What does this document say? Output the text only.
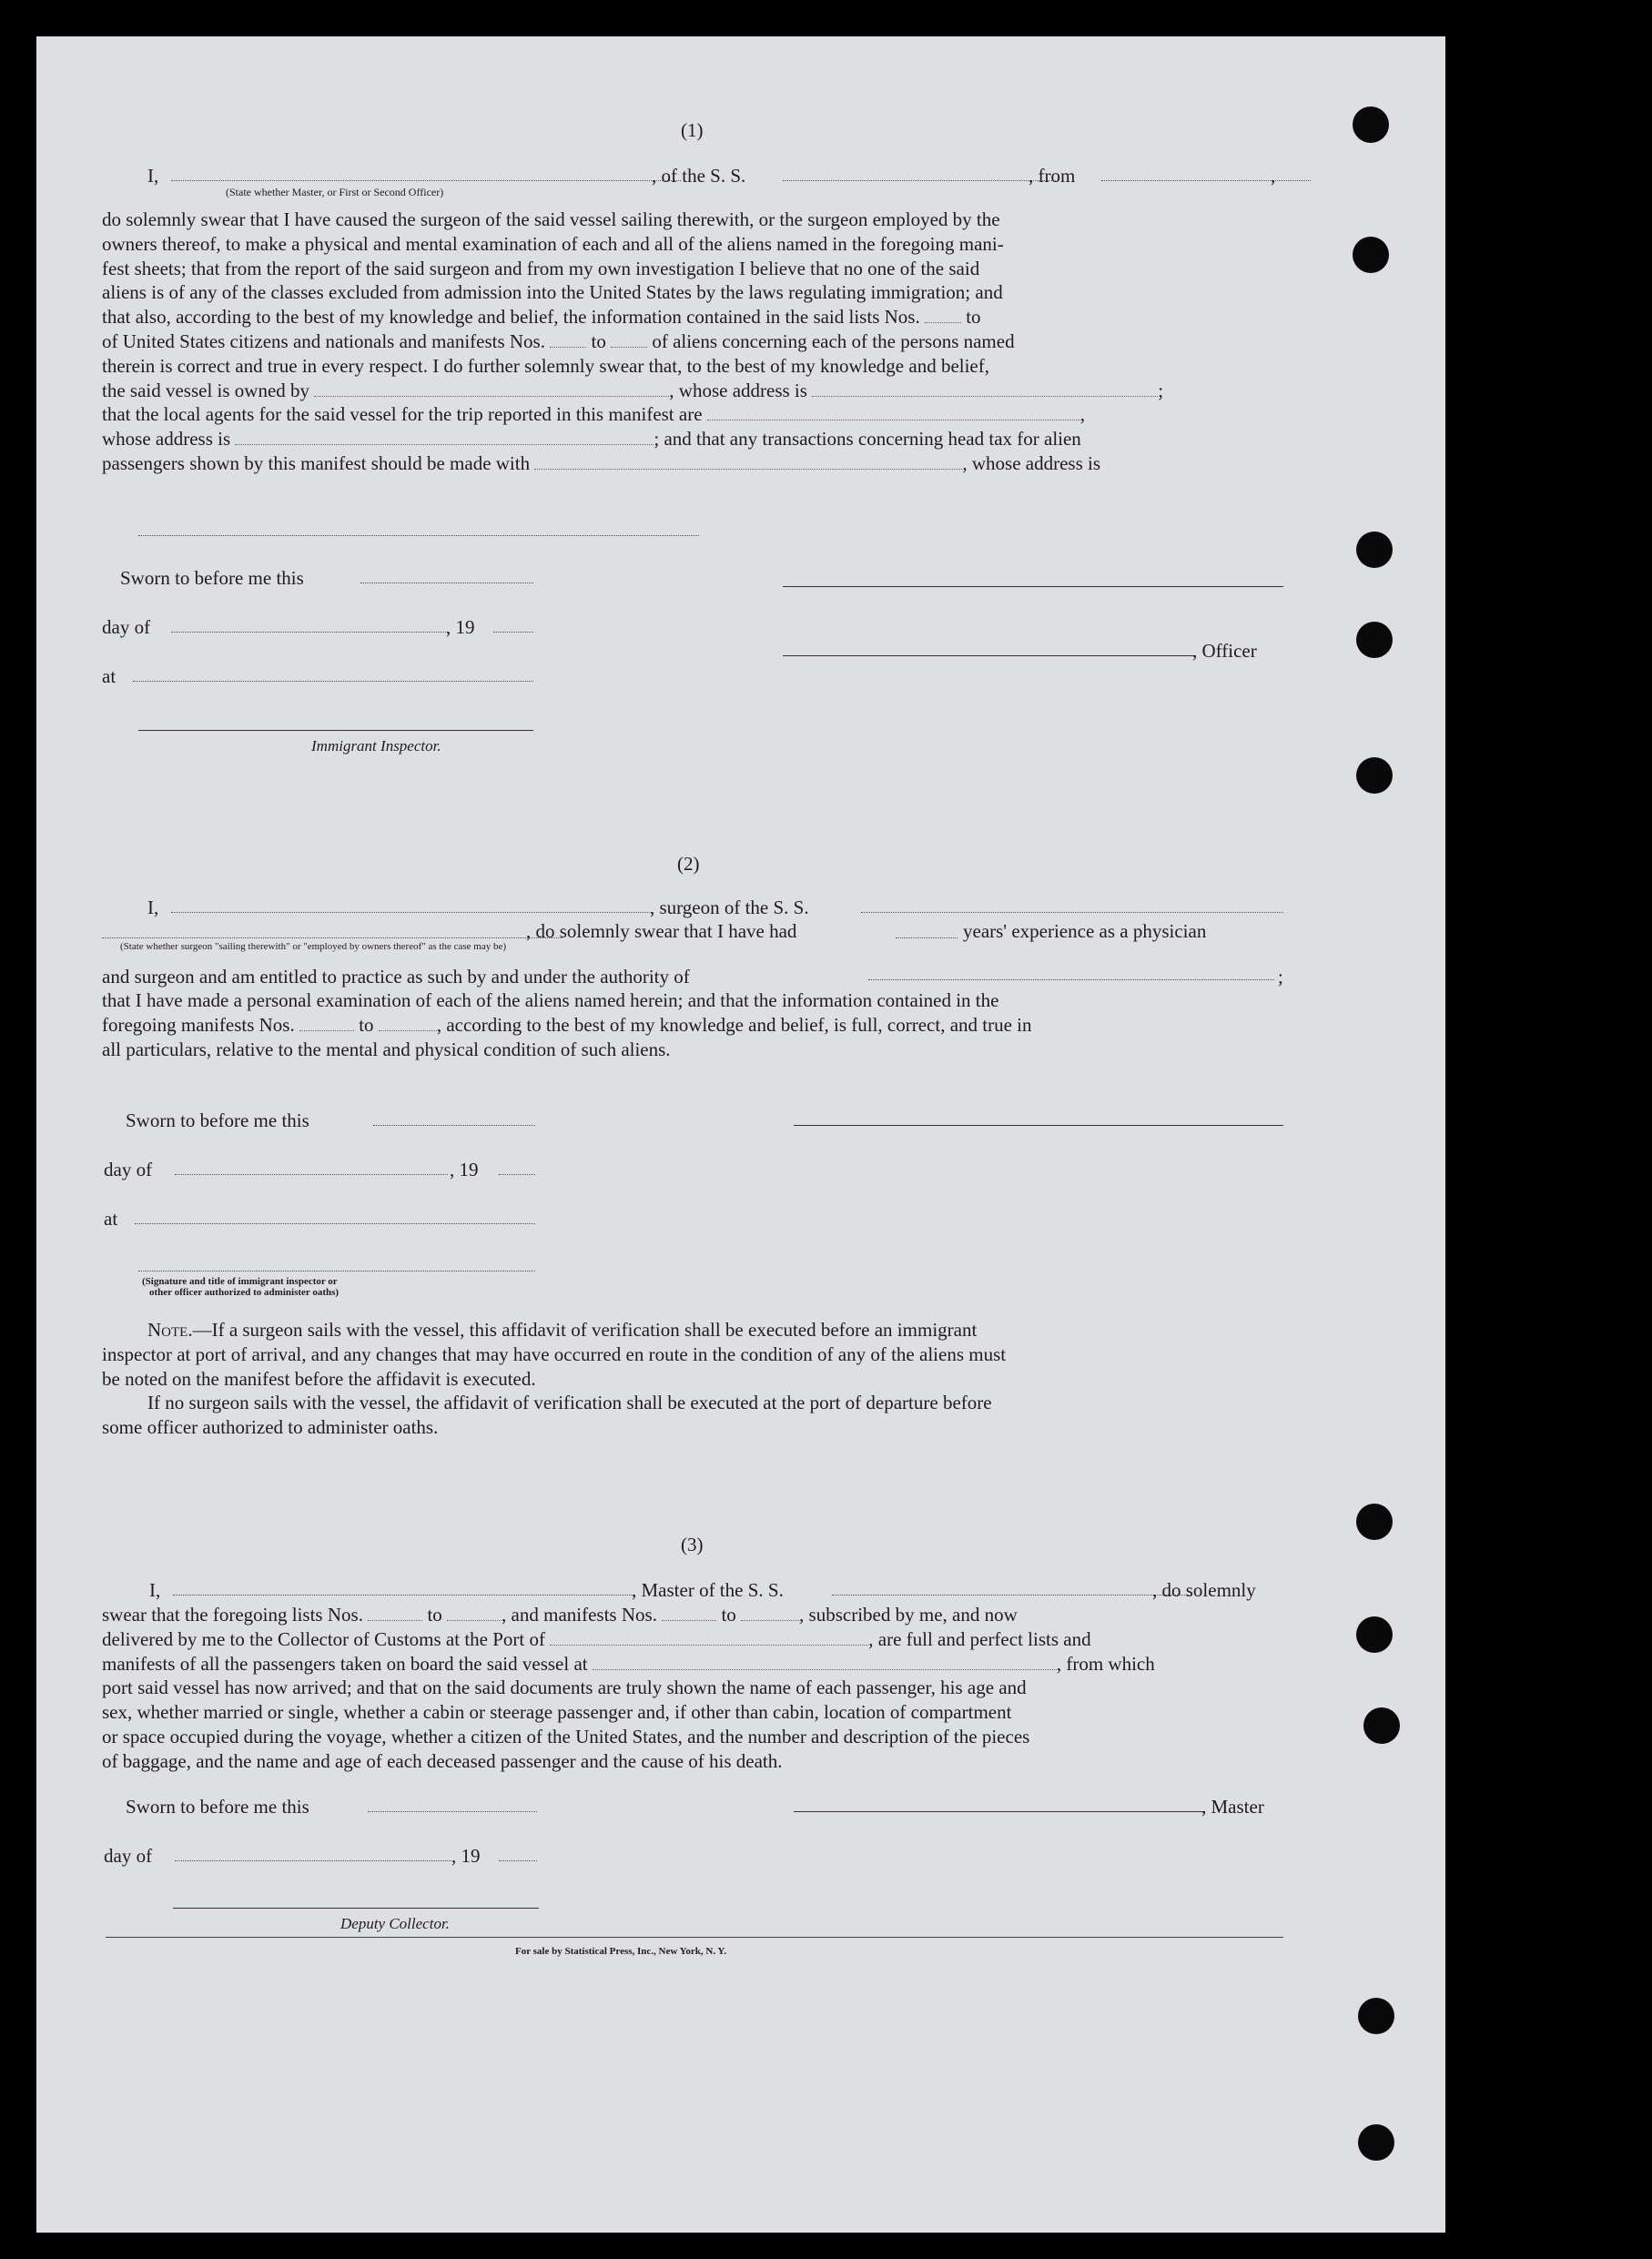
(1)
I,	, of the S. S.	, from	,
(State whether Master, or First or Second Officer)
do solemnly swear that I have caused the surgeon of the said vessel sailing therewith, or the surgeon employed by the
owners thereof, to make a physical and mental examination of each and all of the aliens named in the foregoing mani-
fest sheets; that from the report of the said surgeon and from my own investigation I believe that no one of the said
aliens is of any of the classes excluded from admission into the United States by the laws regulating immigration; and
that also, according to the best of my knowledge and belief, the information contained in the said lists Nos. to
of United States citizens and nationals and manifests Nos. to of aliens concerning each of the persons named
therein is correct and true in every respect. I do further solemnly swear that, to the best of my knowledge and belief,
the said vessel is owned by	, whose address is	;
that the local agents for the said vessel for the trip reported in this manifest are	,
whose address is	; and that any transactions concerning head tax for alien
passengers shown by this manifest should be made with	, whose address is
Sworn to before me this
day of	, 19
at
Immigrant Inspector.
, Officer
(2)
I,	, surgeon of the S. S.
, do solemnly swear that I have had	years' experience as a physician
(State whether surgeon "sailing therewith" or "employed by owners thereof" as the case may be)
and surgeon and am entitled to practice as such by and under the authority of	;
that I have made a personal examination of each of the aliens named herein; and that the information contained in the
foregoing manifests Nos.	to	, according to the best of my knowledge and belief, is full, correct, and true in
all particulars, relative to the mental and physical condition of such aliens.
Sworn to before me this
day of	, 19
at
(Signature and title of immigrant inspector or
other officer authorized to administer oaths)
Note.—If a surgeon sails with the vessel, this affidavit of verification shall be executed before an immigrant
inspector at port of arrival, and any changes that may have occurred en route in the condition of any of the aliens must
be noted on the manifest before the affidavit is executed.
If no surgeon sails with the vessel, the affidavit of verification shall be executed at the port of departure before
some officer authorized to administer oaths.
(3)
I,	, Master of the S. S.	, do solemnly
swear that the foregoing lists Nos.	to	, and manifests Nos.	to	, subscribed by me, and now
delivered by me to the Collector of Customs at the Port of	, are full and perfect lists and
manifests of all the passengers taken on board the said vessel at	, from which
port said vessel has now arrived; and that on the said documents are truly shown the name of each passenger, his age and
sex, whether married or single, whether a cabin or steerage passenger and, if other than cabin, location of compartment
or space occupied during the voyage, whether a citizen of the United States, and the number and description of the pieces
of baggage, and the name and age of each deceased passenger and the cause of his death.
Sworn to before me this	, Master
day of	, 19
Deputy Collector.
For sale by Statistical Press, Inc., New York, N. Y.
